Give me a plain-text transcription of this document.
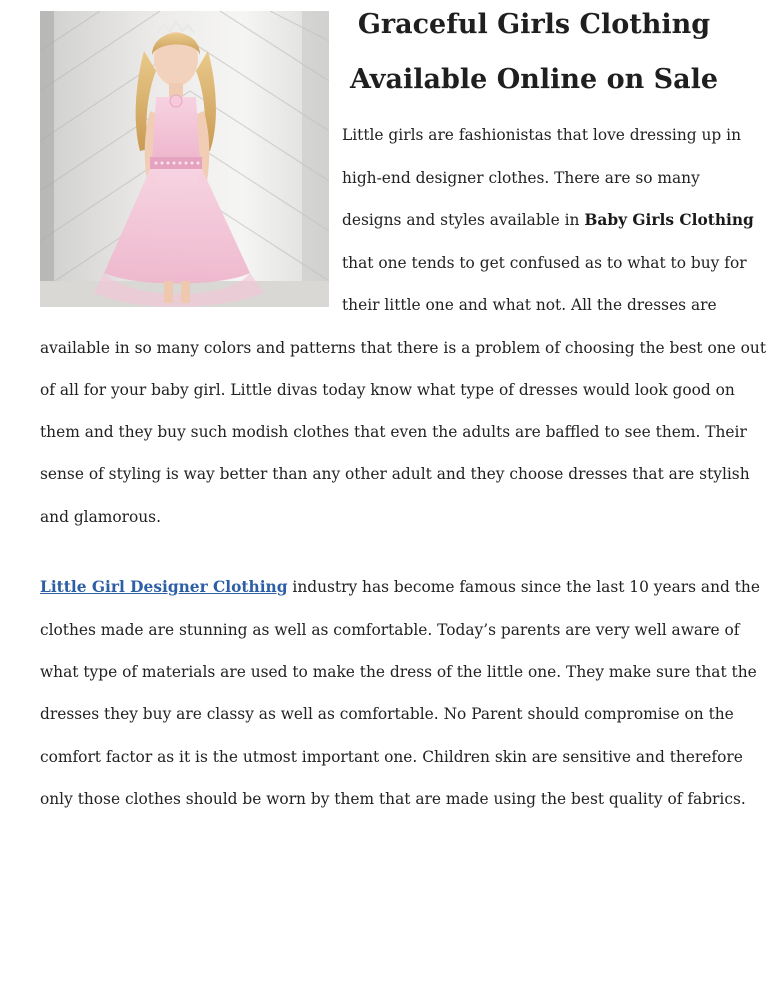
Graceful Girls Clothing
Available Online on Sale
Little girls are fashionistas that love dressing up in
high-end designer clothes. There are so many
designs and styles available in Baby Girls Clothing
that one tends to get confused as to what to buy for
their little one and what not. All the dresses are
available in so many colors and patterns that there is a problem of choosing the best one out
of all for your baby girl. Little divas today know what type of dresses would look good on
them and they buy such modish clothes that even the adults are baffled to see them. Their
sense of styling is way better than any other adult and they choose dresses that are stylish
and glamorous.
Little Girl Designer Clothing industry has become famous since the last 10 years and the
clothes made are stunning as well as comfortable. Today’s parents are very well aware of
what type of materials are used to make the dress of the little one. They make sure that the
dresses they buy are classy as well as comfortable. No Parent should compromise on the
comfort factor as it is the utmost important one. Children skin are sensitive and therefore
only those clothes should be worn by them that are made using the best quality of fabrics.
